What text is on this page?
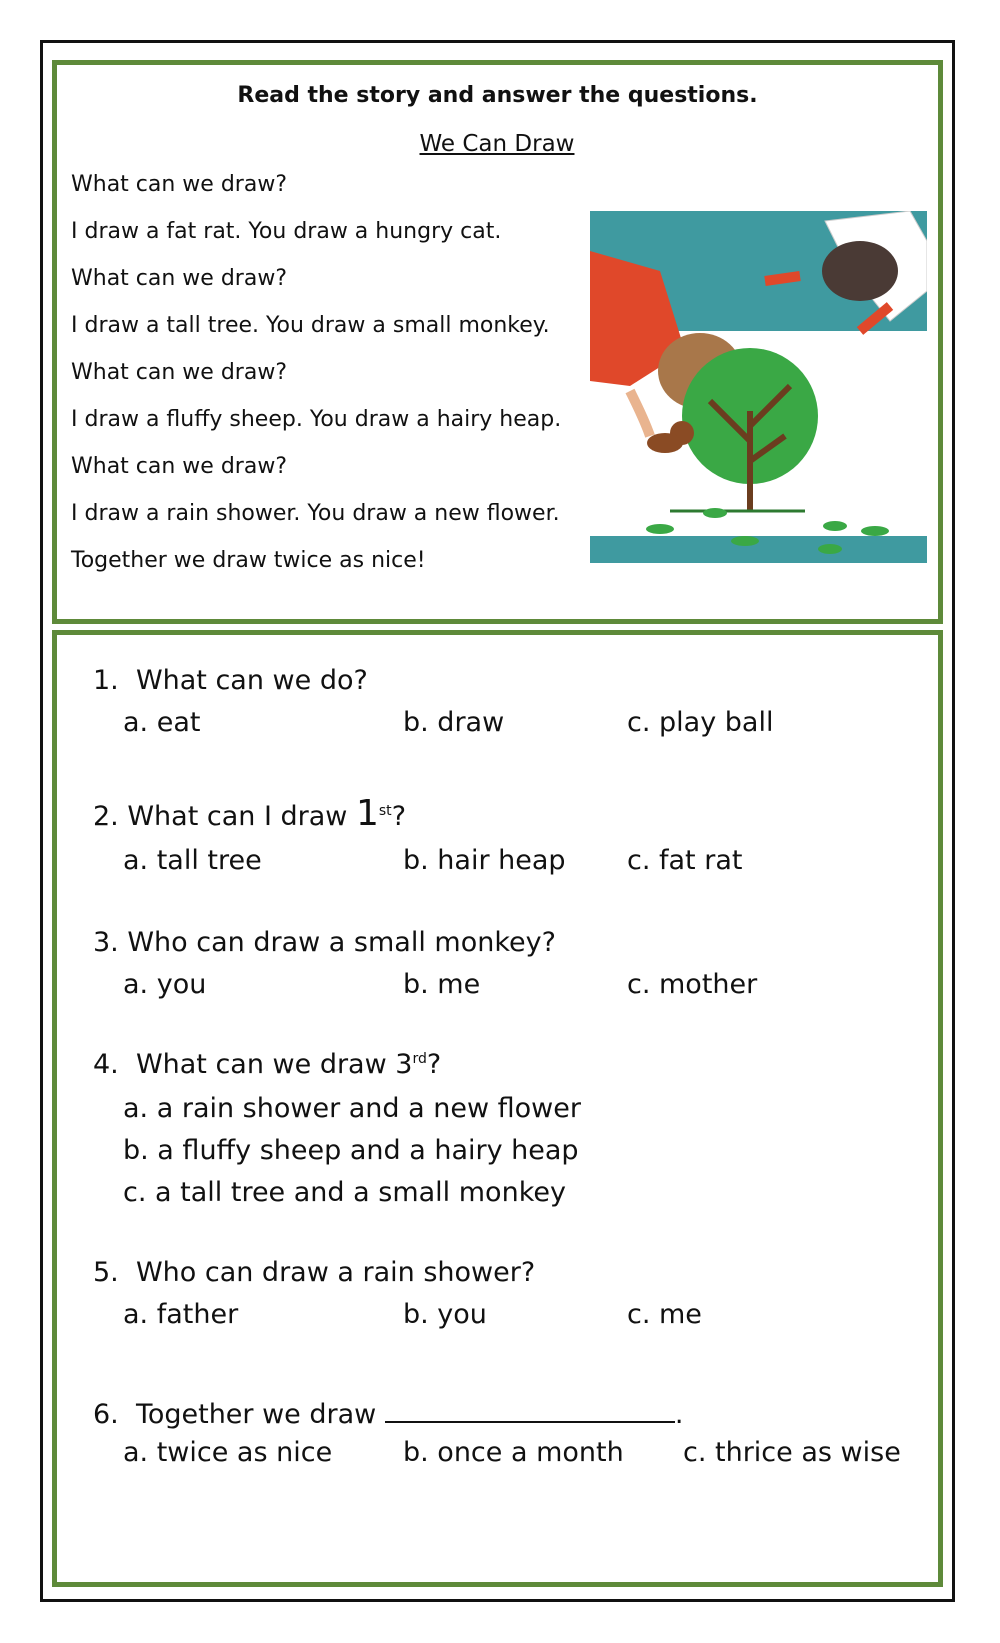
Read the story and answer the questions.
We Can Draw
What can we draw?
I draw a fat rat. You draw a hungry cat.
What can we draw?
I draw a tall tree. You draw a small monkey.
What can we draw?
I draw a fluffy sheep. You draw a hairy heap.
What can we draw?
I draw a rain shower. You draw a new flower.
Together we draw twice as nice!
1. What can we do?
a. eat	b. draw	c. play ball
2. What can I draw 1st?
a. tall tree	b. hair heap c. fat rat
3. Who can draw a small monkey?
a. you	b. me	c. mother
4. What can we draw 3rd?
a. a rain shower and a new flower
b. a fluffy sheep and a hairy heap
c. a tall tree and a small monkey
5. Who can draw a rain shower?
a. father	b. you	c. me
6. Together we draw	.
a. twice as nice	b. once a month c. thrice as wise
